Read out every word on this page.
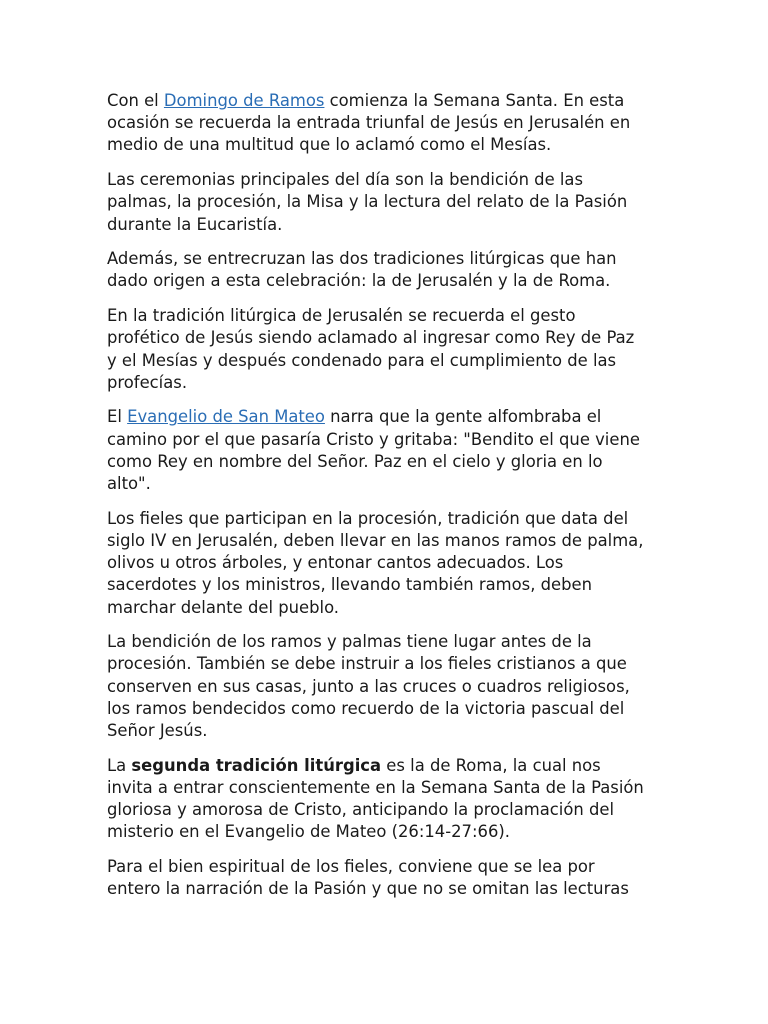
Con el Domingo de Ramos comienza la Semana Santa. En esta ocasión se recuerda la entrada triunfal de Jesús en Jerusalén en medio de una multitud que lo aclamó como el Mesías.

Las ceremonias principales del día son la bendición de las palmas, la procesión, la Misa y la lectura del relato de la Pasión durante la Eucaristía.

Además, se entrecruzan las dos tradiciones litúrgicas que han dado origen a esta celebración: la de Jerusalén y la de Roma.

En la tradición litúrgica de Jerusalén se recuerda el gesto profético de Jesús siendo aclamado al ingresar como Rey de Paz y el Mesías y después condenado para el cumplimiento de las profecías.

El Evangelio de San Mateo narra que la gente alfombraba el camino por el que pasaría Cristo y gritaba: "Bendito el que viene como Rey en nombre del Señor. Paz en el cielo y gloria en lo alto".

Los fieles que participan en la procesión, tradición que data del siglo IV en Jerusalén, deben llevar en las manos ramos de palma, olivos u otros árboles, y entonar cantos adecuados. Los sacerdotes y los ministros, llevando también ramos, deben marchar delante del pueblo.

La bendición de los ramos y palmas tiene lugar antes de la procesión. También se debe instruir a los fieles cristianos a que conserven en sus casas, junto a las cruces o cuadros religiosos, los ramos bendecidos como recuerdo de la victoria pascual del Señor Jesús.

La segunda tradición litúrgica es la de Roma, la cual nos invita a entrar conscientemente en la Semana Santa de la Pasión gloriosa y amorosa de Cristo, anticipando la proclamación del misterio en el Evangelio de Mateo (26:14-27:66).

Para el bien espiritual de los fieles, conviene que se lea por entero la narración de la Pasión y que no se omitan las lecturas
